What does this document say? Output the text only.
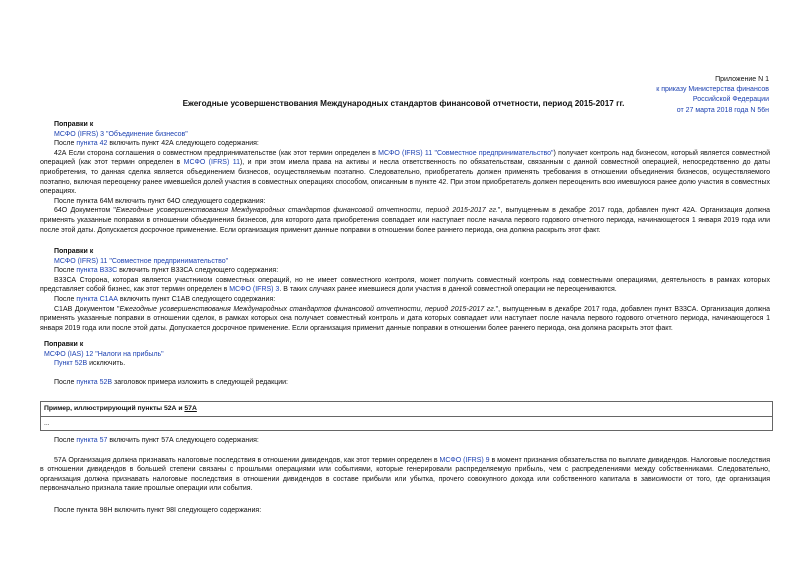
Приложение N 1
к приказу Министерства финансов
Российской Федерации
от 27 марта 2018 года N 56н
Ежегодные усовершенствования Международных стандартов финансовой отчетности, период 2015-2017 гг.

Поправки к

МСФО (IFRS) 3 "Объединение бизнесов"

После пункта 42 включить пункт 42А следующего содержания:

42А Если сторона соглашения о совместном предпринимательстве (как этот термин определен в МСФО (IFRS) 11 "Совместное предпринимательство") получает контроль над бизнесом, который является совместной операцией (как этот термин определен в МСФО (IFRS) 11), и при этом имела права на активы и несла ответственность по обязательствам, связанным с данной совместной операцией, непосредственно до даты приобретения, то данная сделка является объединением бизнесов, осуществляемым поэтапно. Следовательно, приобретатель должен применять требования в отношении объединения бизнесов, осуществляемого поэтапно, включая переоценку ранее имевшейся долей участия в совместных операциях способом, описанным в пункте 42. При этом приобретатель должен переоценить всю имевшуюся ранее долю участия в совместных операциях.

После пункта 64М включить пункт 64О следующего содержания:

64О Документом "Ежегодные усовершенствования Международных стандартов финансовой отчетности, период 2015-2017 гг.", выпущенным в декабре 2017 года, добавлен пункт 42А. Организация должна применять указанные поправки в отношении объединения бизнесов, для которого дата приобретения совпадает или наступает после начала первого годового отчетного периода, начинающегося 1 января 2019 года или после этой даты. Допускается досрочное применение. Если организация применит данные поправки в отношении более раннего периода, она должна раскрыть этот факт.

Поправки к

МСФО (IFRS) 11 "Совместное предпринимательство"

После пункта В33С включить пункт В33СА следующего содержания:

В33СА Сторона, которая является участником совместных операций, но не имеет совместного контроля, может получить совместный контроль над совместными операциями, деятельность в рамках которых представляет собой бизнес, как этот термин определен в МСФО (IFRS) 3. В таких случаях ранее имевшиеся доли участия в данной совместной операции не переоцениваются.

После пункта С1АА включить пункт С1АВ следующего содержания:

С1АВ Документом "Ежегодные усовершенствования Международных стандартов финансовой отчетности, период 2015-2017 гг.", выпущенным в декабре 2017 года, добавлен пункт В33СА. Организация должна применять указанные поправки в отношении сделок, в рамках которых она получает совместный контроль и дата которых совпадает или наступает после начала первого годового отчетного периода, начинающегося 1 января 2019 года или после этой даты. Допускается досрочное применение. Если организация применит данные поправки в отношении более раннего периода, она должна раскрыть этот факт.

Поправки к

МСФО (IAS) 12 "Налоги на прибыль"

Пункт 52В исключить.

После пункта 52В заголовок примера изложить в следующей редакции:

Пример, иллюстрирующий пункты 52А и 57А
...

После пункта 57 включить пункт 57А следующего содержания:

57А Организация должна признавать налоговые последствия в отношении дивидендов, как этот термин определен в МСФО (IFRS) 9 в момент признания обязательства по выплате дивидендов. Налоговые последствия в отношении дивидендов в большей степени связаны с прошлыми операциями или событиями, которые генерировали распределяемую прибыль, чем с распределениями между собственниками. Следовательно, организация должна признавать налоговые последствия в отношении дивидендов в составе прибыли или убытка, прочего совокупного дохода или собственного капитала в зависимости от того, где организация первоначально признала такие прошлые операции или события.

После пункта 98Н включить пункт 98I следующего содержания:
